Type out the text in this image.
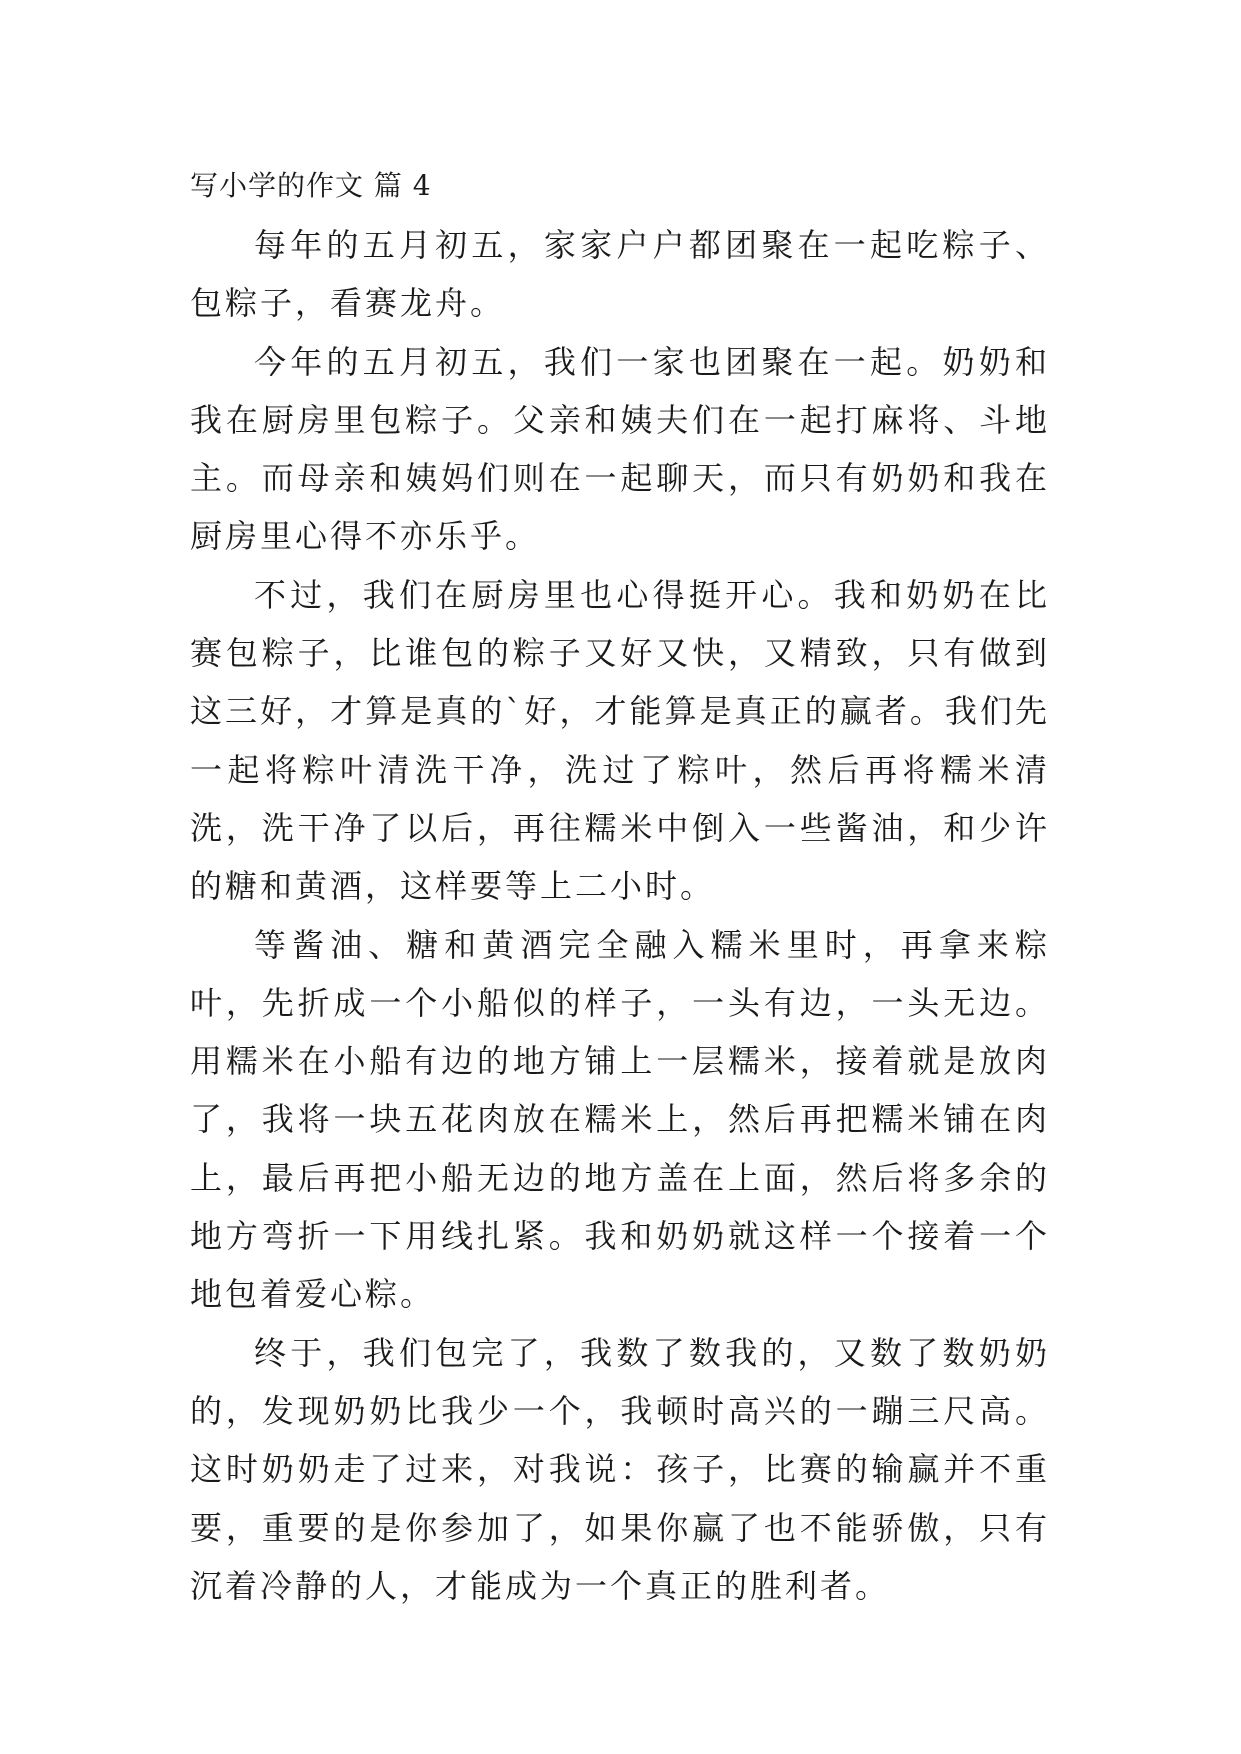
写小学的作文 篇 4

每年的五月初五，家家户户都团聚在一起吃粽子、包粽子，看赛龙舟。

今年的五月初五，我们一家也团聚在一起。奶奶和我在厨房里包粽子。父亲和姨夫们在一起打麻将、斗地主。而母亲和姨妈们则在一起聊天，而只有奶奶和我在厨房里心得不亦乐乎。

不过，我们在厨房里也心得挺开心。我和奶奶在比赛包粽子，比谁包的粽子又好又快，又精致，只有做到这三好，才算是真的`好，才能算是真正的赢者。我们先一起将粽叶清洗干净，洗过了粽叶，然后再将糯米清洗，洗干净了以后，再往糯米中倒入一些酱油，和少许的糖和黄酒，这样要等上二小时。

等酱油、糖和黄酒完全融入糯米里时，再拿来粽叶，先折成一个小船似的样子，一头有边，一头无边。用糯米在小船有边的地方铺上一层糯米，接着就是放肉了，我将一块五花肉放在糯米上，然后再把糯米铺在肉上，最后再把小船无边的地方盖在上面，然后将多余的地方弯折一下用线扎紧。我和奶奶就这样一个接着一个地包着爱心粽。

终于，我们包完了，我数了数我的，又数了数奶奶的，发现奶奶比我少一个，我顿时高兴的一蹦三尺高。这时奶奶走了过来，对我说：孩子，比赛的输赢并不重要，重要的是你参加了，如果你赢了也不能骄傲，只有沉着冷静的人，才能成为一个真正的胜利者。
